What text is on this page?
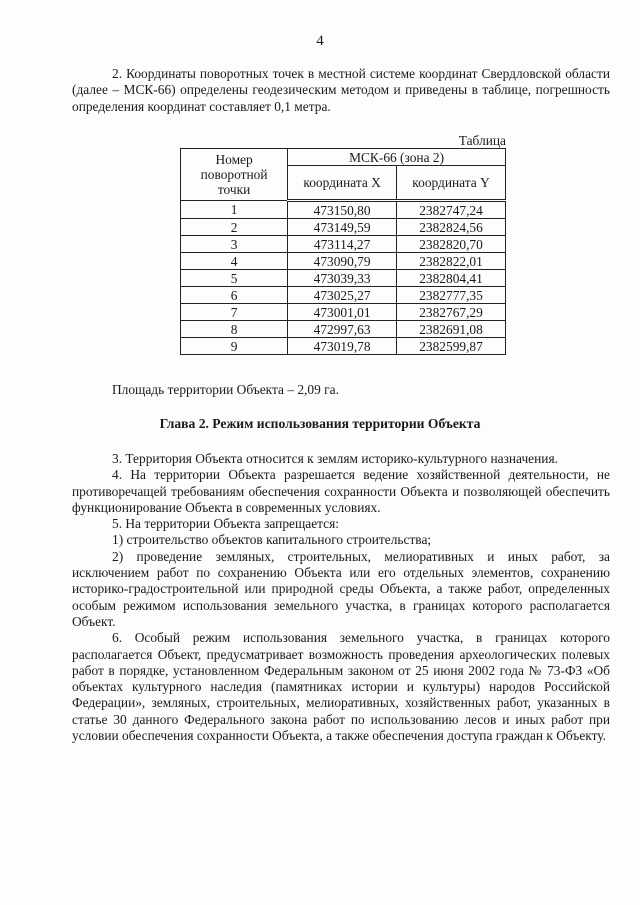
4

2. Координаты поворотных точек в местной системе координат Свердловской области (далее – МСК-66) определены геодезическим методом и приведены в таблице, погрешность определения координат составляет 0,1 метра.

Таблица
Номер поворотной точки	МСК-66 (зона 2)	
	координата X	координата Y
1	473150,80	2382747,24
2	473149,59	2382824,56
3	473114,27	2382820,70
4	473090,79	2382822,01
5	473039,33	2382804,41
6	473025,27	2382777,35
7	473001,01	2382767,29
8	472997,63	2382691,08
9	473019,78	2382599,87
Площадь территории Объекта – 2,09 га.
Глава 2. Режим использования территории Объекта

3. Территория Объекта относится к землям историко-культурного назначения.

4. На территории Объекта разрешается ведение хозяйственной деятельности, не противоречащей требованиям обеспечения сохранности Объекта и позволяющей обеспечить функционирование Объекта в современных условиях.

5. На территории Объекта запрещается:

1) строительство объектов капитального строительства;

2) проведение земляных, строительных, мелиоративных и иных работ, за исключением работ по сохранению Объекта или его отдельных элементов, сохранению историко-градостроительной или природной среды Объекта, а также работ, определенных особым режимом использования земельного участка, в границах которого располагается Объект.

6. Особый режим использования земельного участка, в границах которого располагается Объект, предусматривает возможность проведения археологических полевых работ в порядке, установленном Федеральным законом от 25 июня 2002 года № 73-ФЗ «Об объектах культурного наследия (памятниках истории и культуры) народов Российской Федерации», земляных, строительных, мелиоративных, хозяйственных работ, указанных в статье 30 данного Федерального закона работ по использованию лесов и иных работ при условии обеспечения сохранности Объекта, а также обеспечения доступа граждан к Объекту.
